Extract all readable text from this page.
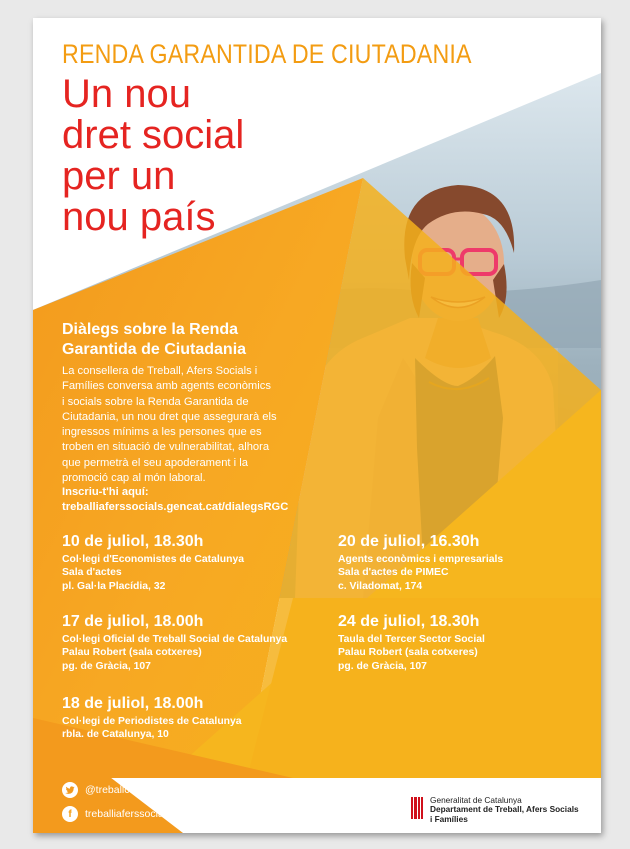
RENDA GARANTIDA DE CIUTADANIA
Un nou
dret social
per un
nou país
Diàlegs sobre la Renda
Garantida de Ciutadania
La consellera de Treball, Afers Socials i
Famílies conversa amb agents econòmics
i socials sobre la Renda Garantida de
Ciutadania, un nou dret que assegurarà els
ingressos mínims a les persones que es
troben en situació de vulnerabilitat, alhora
que permetrà el seu apoderament i la
promoció cap al món laboral.
Inscriu-t'hi aquí:
treballiaferssocials.gencat.cat/dialegsRGC
10 de juliol, 18.30h
Col·legi d'Economistes de Catalunya
Sala d'actes
pl. Gal·la Placídia, 32
20 de juliol, 16.30h
Agents econòmics i empresarials
Sala d'actes de PIMEC
c. Viladomat, 174
17 de juliol, 18.00h
Col·legi Oficial de Treball Social de Catalunya
Palau Robert (sala cotxeres)
pg. de Gràcia, 107
24 de juliol, 18.30h
Taula del Tercer Sector Social
Palau Robert (sala cotxeres)
pg. de Gràcia, 107
18 de juliol, 18.00h
Col·legi de Periodistes de Catalunya
rbla. de Catalunya, 10
@treballcat · @afersocialscat
f	treballiaferssocials
Generalitat de Catalunya
Departament de Treball, Afers Socials
i Famílies
